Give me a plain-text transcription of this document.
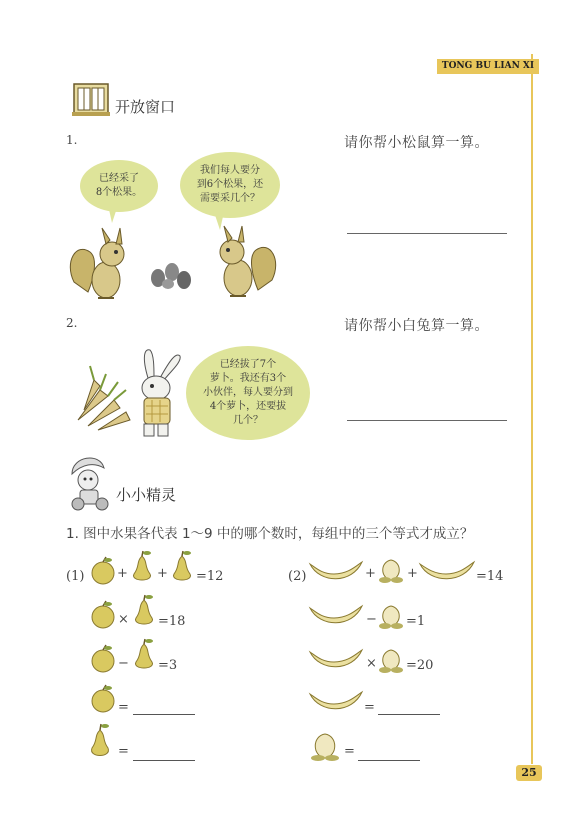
TONG BU LIAN XI
开放窗口
1.	请你帮小松鼠算一算。
已经采了
8个松果。
我们每人要分
到6个松果，还
需要采几个？
2.	请你帮小白兔算一算。
已经拔了7个
萝卜。我还有3个
小伙伴，每人要分到
4个萝卜，还要拔
几个？
小小精灵
1. 图中水果各代表 1～9 中的哪个数时，每组中的三个等式才成立？
(1)	+ + =12
× =18
− =3
=
=
(2)	+ +	=14
− =1
× =20
=
=
25
